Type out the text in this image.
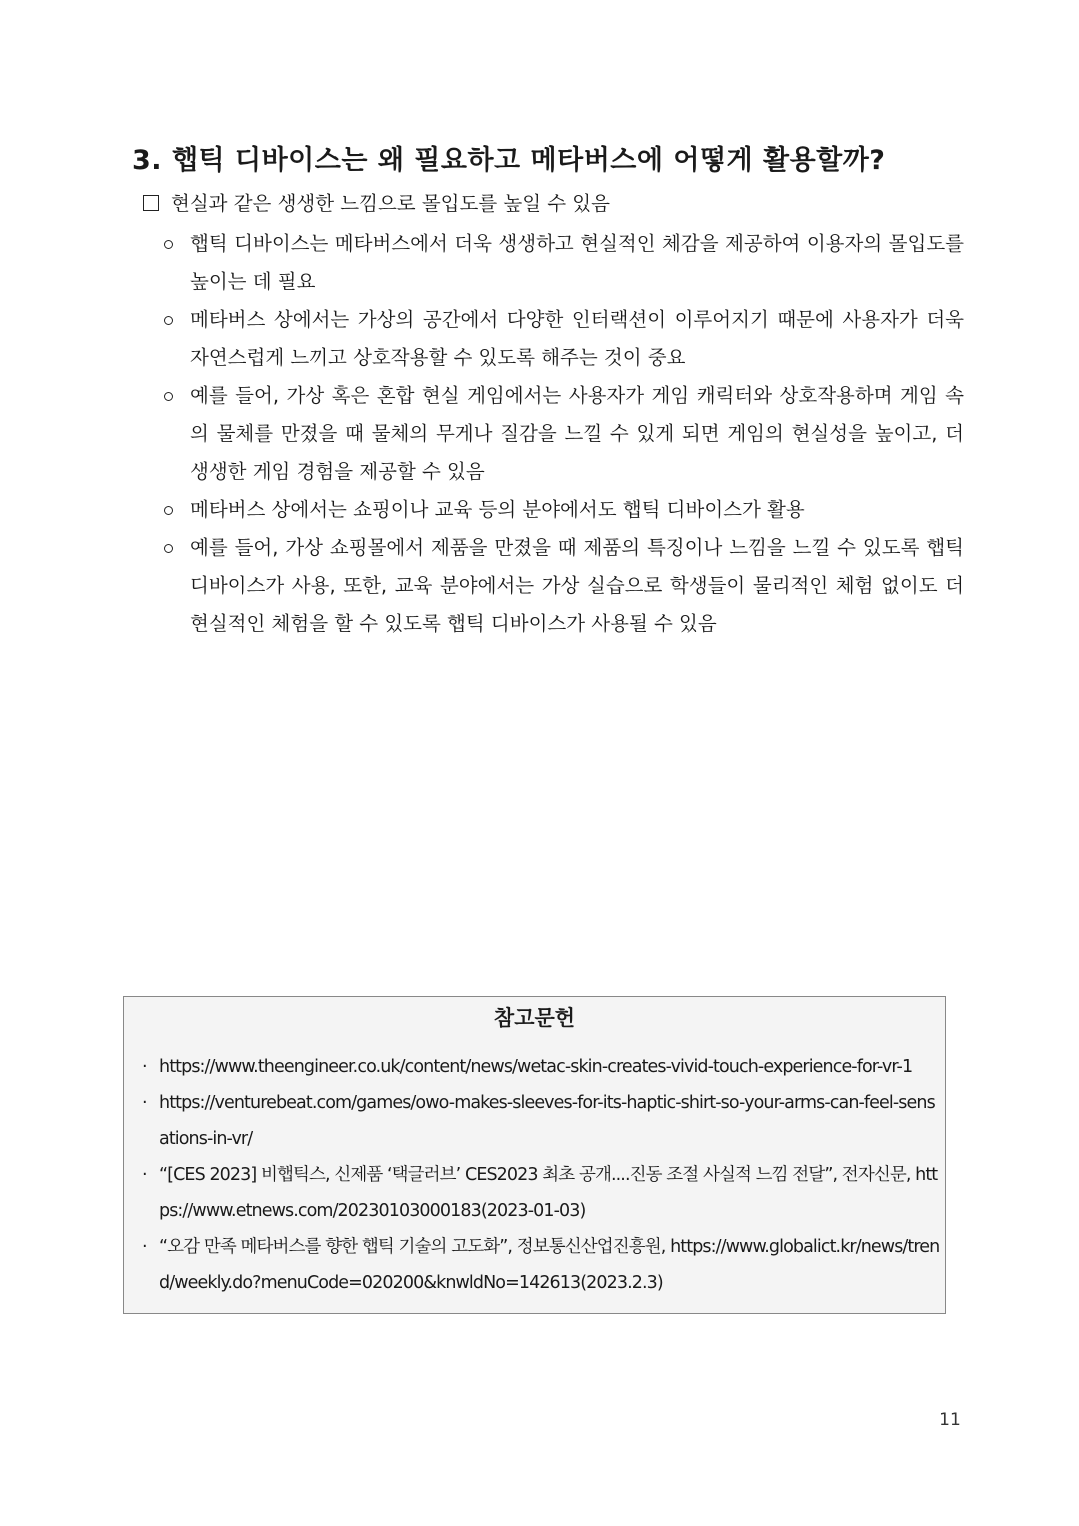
3. 햅틱 디바이스는 왜 필요하고 메타버스에 어떻게 활용할까?
현실과 같은 생생한 느낌으로 몰입도를 높일 수 있음
햅틱 디바이스는 메타버스에서 더욱 생생하고 현실적인 체감을 제공하여 이용자의 몰입도를 높이는 데 필요
메타버스 상에서는 가상의 공간에서 다양한 인터랙션이 이루어지기 때문에 사용자가 더욱 자연스럽게 느끼고 상호작용할 수 있도록 해주는 것이 중요
예를 들어, 가상 혹은 혼합 현실 게임에서는 사용자가 게임 캐릭터와 상호작용하며 게임 속의 물체를 만졌을 때 물체의 무게나 질감을 느낄 수 있게 되면 게임의 현실성을 높이고, 더 생생한 게임 경험을 제공할 수 있음
메타버스 상에서는 쇼핑이나 교육 등의 분야에서도 햅틱 디바이스가 활용
예를 들어, 가상 쇼핑몰에서 제품을 만졌을 때 제품의 특징이나 느낌을 느낄 수 있도록 햅틱 디바이스가 사용, 또한, 교육 분야에서는 가상 실습으로 학생들이 물리적인 체험 없이도 더 현실적인 체험을 할 수 있도록 햅틱 디바이스가 사용될 수 있음
참고문헌
· https://www.theengineer.co.uk/content/news/wetac-skin-creates-vivid-touch-experience-for-vr-1
· https://venturebeat.com/games/owo-makes-sleeves-for-its-haptic-shirt-so-your-arms-can-feel-sensations-in-vr/
· “[CES 2023] 비햅틱스, 신제품 ‘택글러브’ CES2023 최초 공개....진동 조절 사실적 느낌 전달”, 전자신문, https://www.etnews.com/20230103000183(2023-01-03)
· “오감 만족 메타버스를 향한 햅틱 기술의 고도화”, 정보통신산업진흥원, https://www.globalict.kr/news/trend/weekly.do?menuCode=020200&knwldNo=142613(2023.2.3)
11
